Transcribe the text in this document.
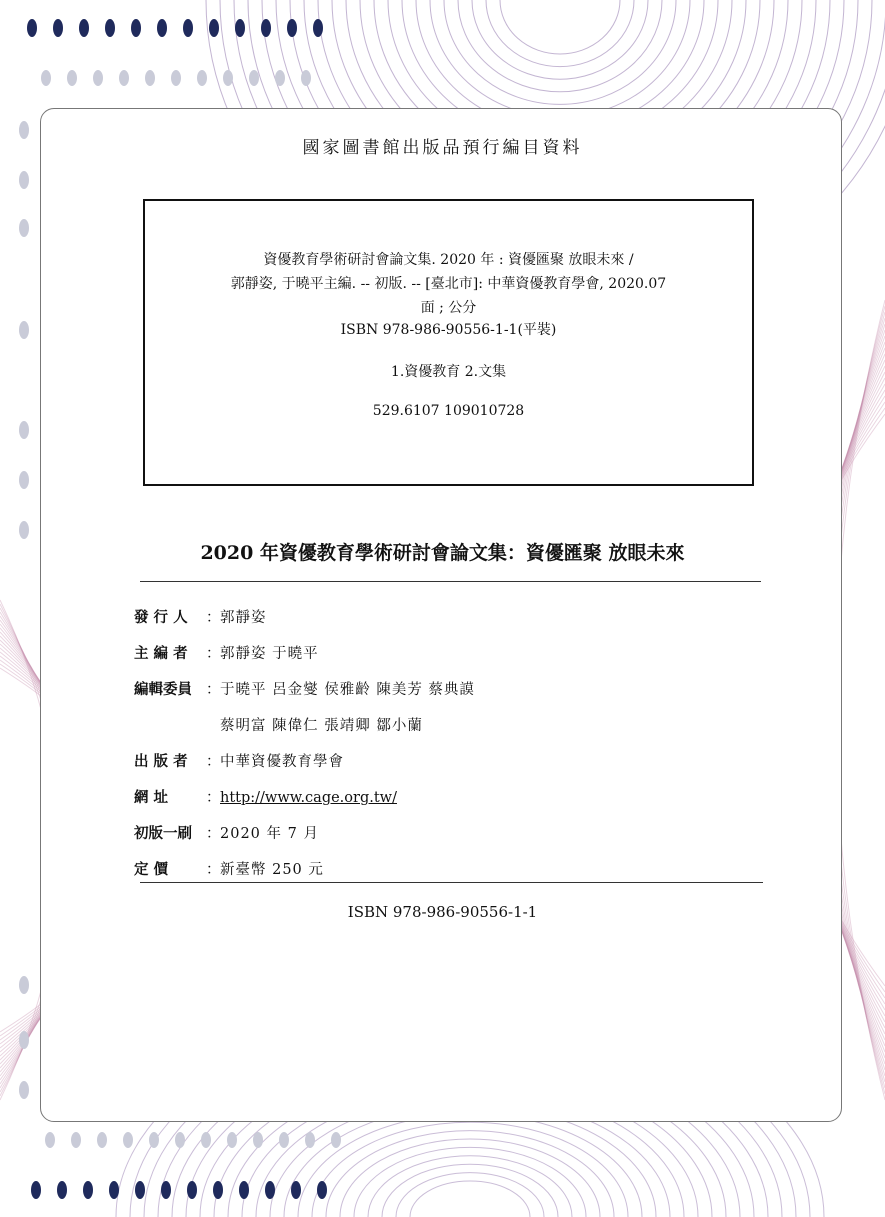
國家圖書館出版品預行編目資料
資優教育學術研討會論文集. 2020 年 : 資優匯聚 放眼未來 /
郭靜姿, 于曉平主編. -- 初版. -- [臺北市]: 中華資優教育學會, 2020.07
面 ; 公分
ISBN 978-986-90556-1-1(平裝)
1.資優教育 2.文集
529.6107 109010728
2020 年資優教育學術研討會論文集：資優匯聚 放眼未來
發 行 人 ：郭靜姿
主 編 者 ：郭靜姿 于曉平
編輯委員 ：于曉平 呂金燮 侯雅齡 陳美芳 蔡典謨
蔡明富 陳偉仁 張靖卿 鄒小蘭
出 版 者 ：中華資優教育學會
網 址	：http://www.cage.org.tw/
初版一刷 ：2020 年 7 月
定 價	：新臺幣 250 元
ISBN 978-986-90556-1-1
